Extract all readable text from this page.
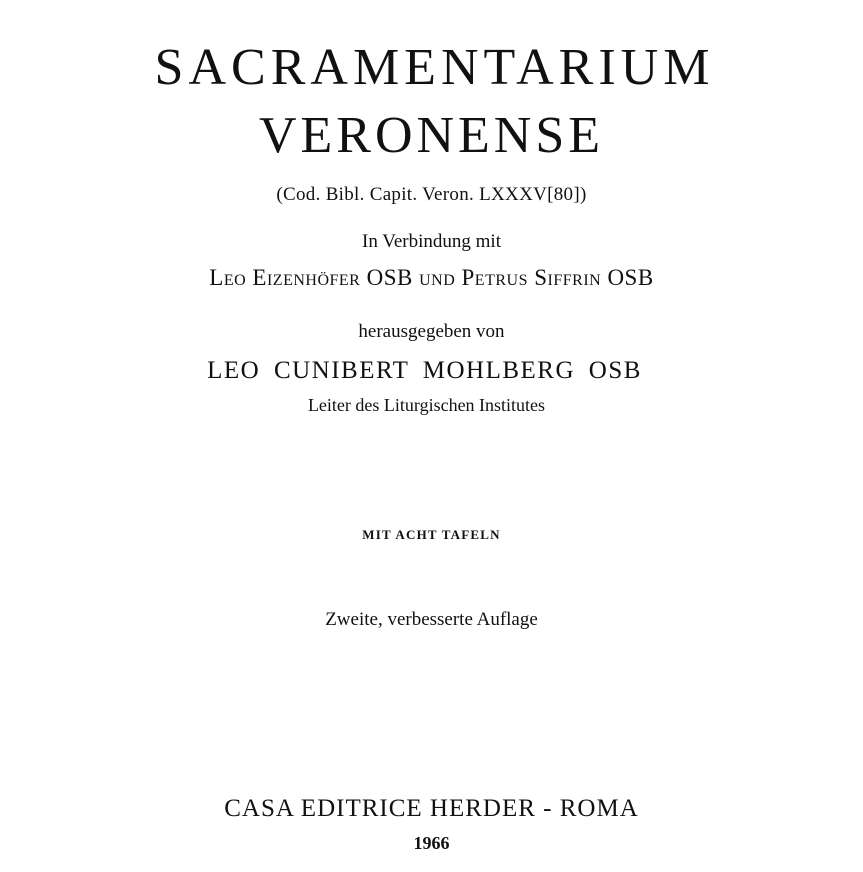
SACRAMENTARIUM
VERONENSE
(Cod. Bibl. Capit. Veron. LXXXV[80])
In Verbindung mit
Leo Eizenhöfer OSB und Petrus Siffrin OSB
herausgegeben von
LEO CUNIBERT MOHLBERG OSB
Leiter des Liturgischen Institutes
MIT ACHT TAFELN
Zweite, verbesserte Auflage
CASA EDITRICE HERDER - ROMA
1966
